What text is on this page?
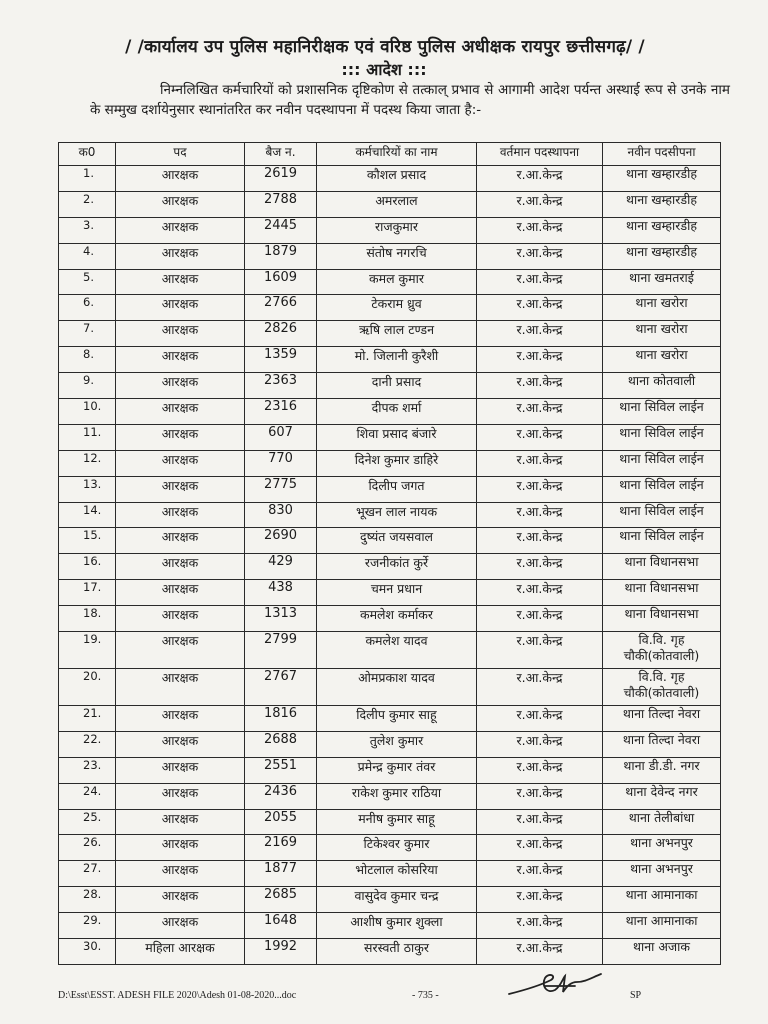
/ /कार्यालय उप पुलिस महानिरीक्षक एवं वरिष्ठ पुलिस अधीक्षक रायपुर छत्तीसगढ़/ /
::: आदेश :::
निम्नलिखित कर्मचारियों को प्रशासनिक दृष्टिकोण से तत्काल् प्रभाव से आगामी आदेश पर्यन्त अस्थाई रूप से उनके नाम के सम्मुख दर्शायेनुसार स्थानांतरित कर नवीन पदस्थापना में पदस्थ किया जाता है:-
क0	पद	बैज न.	कर्मचारियों का नाम	वर्तमान पदस्थापना	नवीन पदसीपना
1.	आरक्षक	2619	कौशल प्रसाद	र.आ.केन्द्र	थाना खम्हारडीह
2.	आरक्षक	2788	अमरलाल	र.आ.केन्द्र	थाना खम्हारडीह
3.	आरक्षक	2445	राजकुमार	र.आ.केन्द्र	थाना खम्हारडीह
4.	आरक्षक	1879	संतोष नगरचि	र.आ.केन्द्र	थाना खम्हारडीह
5.	आरक्षक	1609	कमल कुमार	र.आ.केन्द्र	थाना खमतराई
6.	आरक्षक	2766	टेकराम ध्रुव	र.आ.केन्द्र	थाना खरोरा
7.	आरक्षक	2826	ऋषि लाल टण्डन	र.आ.केन्द्र	थाना खरोरा
8.	आरक्षक	1359	मो. जिलानी कुरैशी	र.आ.केन्द्र	थाना खरोरा
9.	आरक्षक	2363	दानी प्रसाद	र.आ.केन्द्र	थाना कोतवाली
10.	आरक्षक	2316	दीपक शर्मा	र.आ.केन्द्र	थाना सिविल लाईन
11.	आरक्षक	607	शिवा प्रसाद बंजारे	र.आ.केन्द्र	थाना सिविल लाईन
12.	आरक्षक	770	दिनेश कुमार डाहिरे	र.आ.केन्द्र	थाना सिविल लाईन
13.	आरक्षक	2775	दिलीप जगत	र.आ.केन्द्र	थाना सिविल लाईन
14.	आरक्षक	830	भूखन लाल नायक	र.आ.केन्द्र	थाना सिविल लाईन
15.	आरक्षक	2690	दुष्यंत जयसवाल	र.आ.केन्द्र	थाना सिविल लाईन
16.	आरक्षक	429	रजनीकांत कुर्रे	र.आ.केन्द्र	थाना विधानसभा
17.	आरक्षक	438	चमन प्रधान	र.आ.केन्द्र	थाना विधानसभा
18.	आरक्षक	1313	कमलेश कर्माकर	र.आ.केन्द्र	थाना विधानसभा
19.	आरक्षक	2799	कमलेश यादव	र.आ.केन्द्र	वि.वि. गृह चौकी(कोतवाली)
20.	आरक्षक	2767	ओमप्रकाश यादव	र.आ.केन्द्र	वि.वि. गृह चौकी(कोतवाली)
21.	आरक्षक	1816	दिलीप कुमार साहू	र.आ.केन्द्र	थाना तिल्दा नेवरा
22.	आरक्षक	2688	तुलेश कुमार	र.आ.केन्द्र	थाना तिल्दा नेवरा
23.	आरक्षक	2551	प्रमेन्द्र कुमार तंवर	र.आ.केन्द्र	थाना डी.डी. नगर
24.	आरक्षक	2436	राकेश कुमार राठिया	र.आ.केन्द्र	थाना देवेन्द नगर
25.	आरक्षक	2055	मनीष कुमार साहू	र.आ.केन्द्र	थाना तेलीबांधा
26.	आरक्षक	2169	टिकेश्वर कुमार	र.आ.केन्द्र	थाना अभनपुर
27.	आरक्षक	1877	भोटलाल कोसरिया	र.आ.केन्द्र	थाना अभनपुर
28.	आरक्षक	2685	वासुदेव कुमार चन्द्र	र.आ.केन्द्र	थाना आमानाका
29.	आरक्षक	1648	आशीष कुमार शुक्ला	र.आ.केन्द्र	थाना आमानाका
30.	महिला आरक्षक	1992	सरस्वती ठाकुर	र.आ.केन्द्र	थाना अजाक
D:\Esst\ESST. ADESH FILE 2020\Adesh 01-08-2020...doc	- 735 -	SP
